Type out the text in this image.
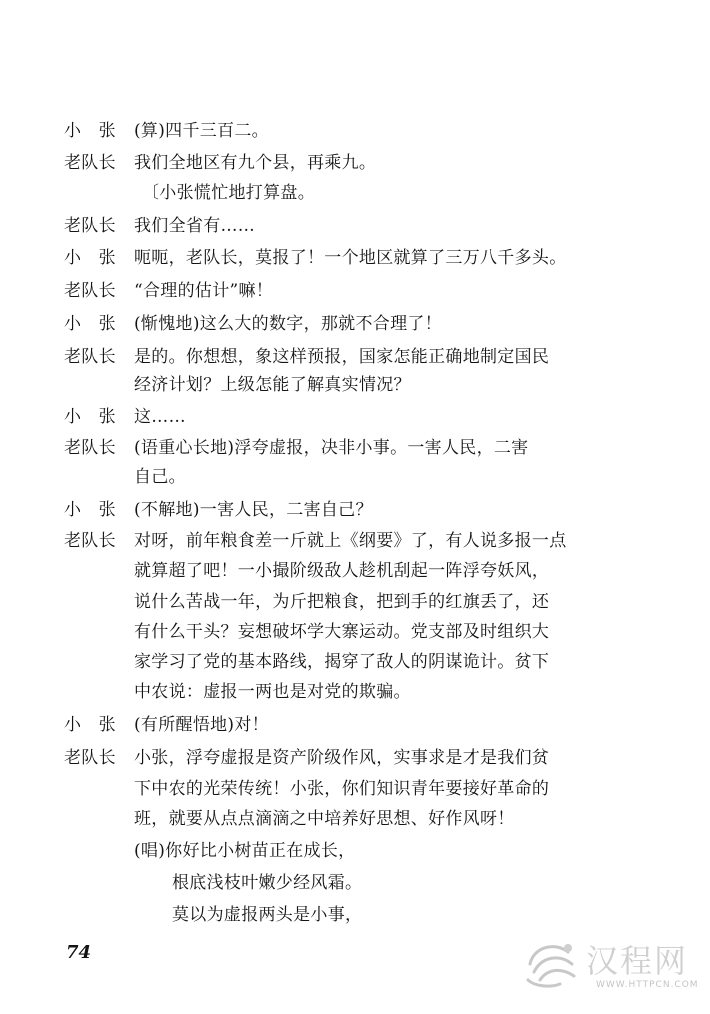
小　张	(算)四千三百二。
老队长	我们全地区有九个县，再乘九。
〔小张慌忙地打算盘。
老队长	我们全省有……
小　张	呃呃，老队长，莫报了！一个地区就算了三万八千多头。
老队长	“合理的估计”嘛！
小　张	(惭愧地)这么大的数字，那就不合理了！
老队长	是的。你想想，象这样预报，国家怎能正确地制定国民
经济计划？上级怎能了解真实情况？
小　张	这……
老队长	(语重心长地)浮夸虚报，决非小事。一害人民，二害
自己。
小　张	(不解地)一害人民，二害自己？
老队长	对呀，前年粮食差一斤就上《纲要》了，有人说多报一点
就算超了吧！一小撮阶级敌人趁机刮起一阵浮夸妖风，
说什么苦战一年，为斤把粮食，把到手的红旗丢了，还
有什么干头？妄想破坏学大寨运动。党支部及时组织大
家学习了党的基本路线，揭穿了敌人的阴谋诡计。贫下
中农说：虚报一两也是对党的欺骗。
小　张	(有所醒悟地)对！
老队长	小张，浮夸虚报是资产阶级作风，实事求是才是我们贫
下中农的光荣传统！小张，你们知识青年要接好革命的
班，就要从点点滴滴之中培养好思想、好作风呀！
(唱)你好比小树苗正在成长，
根底浅枝叶嫩少经风霜。
莫以为虚报两头是小事，
74	汉程网
WWW.HTTPCN.COM
